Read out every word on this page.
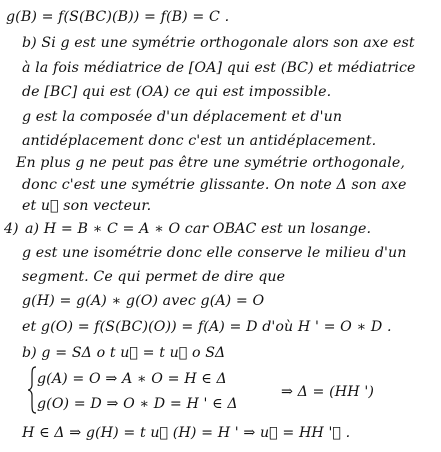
g(B) = f(S(BC)(B)) = f(B) = C .
b) Si g est une symétrie orthogonale alors son axe est
à la fois médiatrice de [OA] qui est (BC) et médiatrice
de [BC] qui est (OA) ce qui est impossible.
g est la composée d'un déplacement et d'un
antidéplacement donc c'est un antidéplacement.
En plus g ne peut pas être une symétrie orthogonale,
donc c'est une symétrie glissante. On note Δ son axe
et u⃗ son vecteur.
4) a) H = B ∗ C = A ∗ O car OBAC est un losange.
g est une isométrie donc elle conserve le milieu d'un
segment. Ce qui permet de dire que
g(H) = g(A) ∗ g(O) avec g(A) = O
et g(O) = f(S(BC)(O)) = f(A) = D d'où H ' = O ∗ D .
b) g = SΔ o t u⃗ = t u⃗ o SΔ
g(A) = O ⇒ A ∗ O = H ∈ Δ
⇒ Δ = (HH ')
g(O) = D ⇒ O ∗ D = H ' ∈ Δ
H ∈ Δ ⇒ g(H) = t u⃗ (H) = H ' ⇒ u⃗ = HH '⃗ .
